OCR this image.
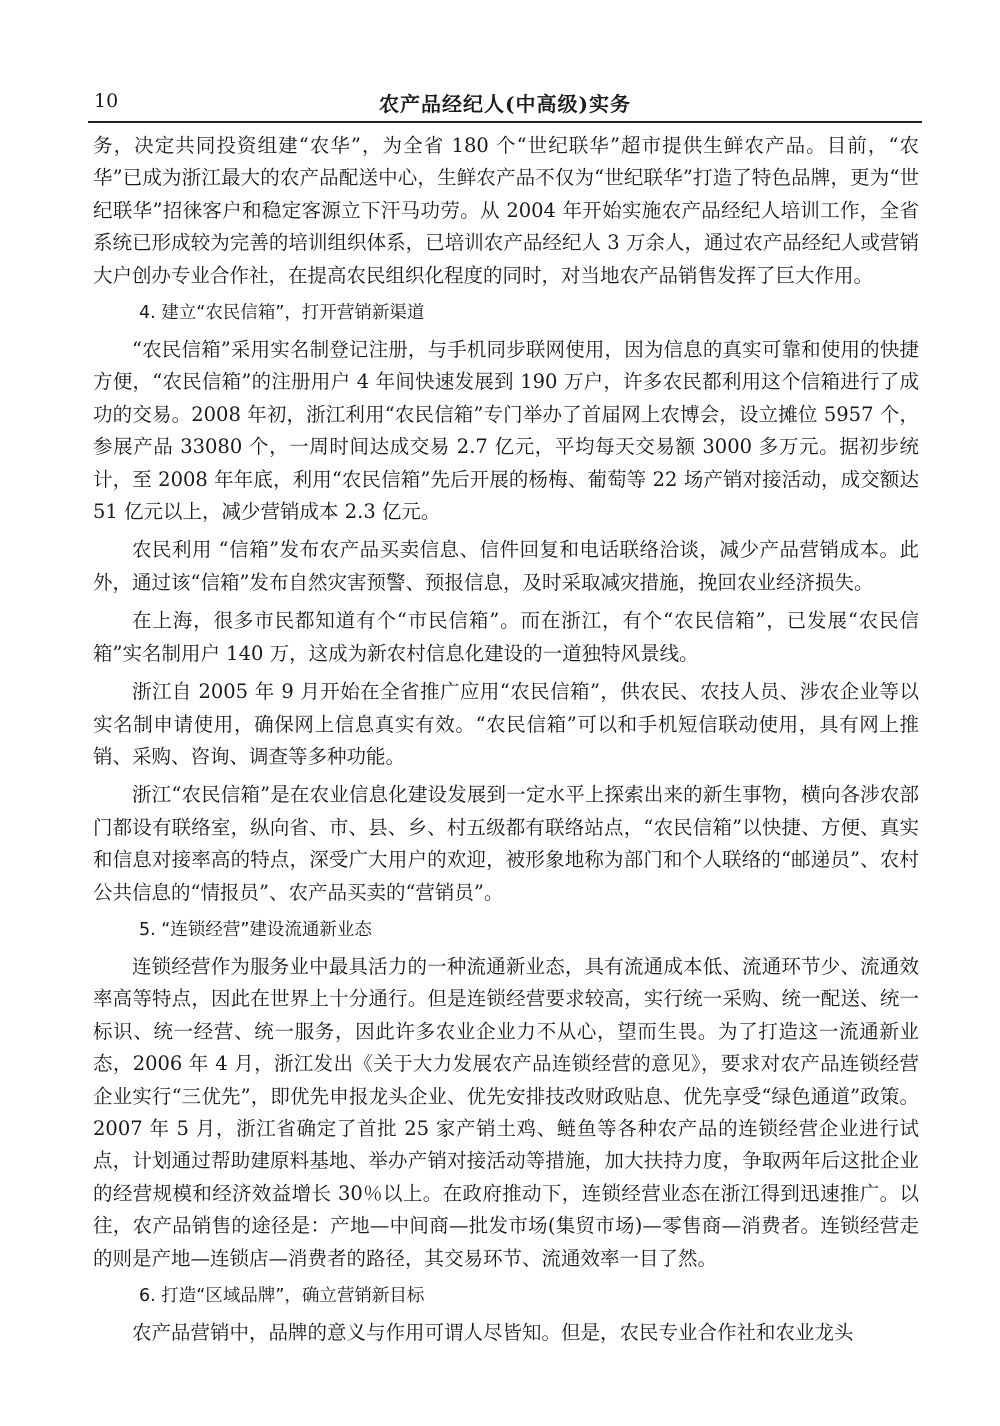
10	农产品经纪人(中高级)实务

务，决定共同投资组建“农华”，为全省 180 个“世纪联华”超市提供生鲜农产品。目前，“农华”已成为浙江最大的农产品配送中心，生鲜农产品不仅为“世纪联华”打造了特色品牌，更为“世纪联华”招徕客户和稳定客源立下汗马功劳。从 2004 年开始实施农产品经纪人培训工作，全省系统已形成较为完善的培训组织体系，已培训农产品经纪人 3 万余人，通过农产品经纪人或营销大户创办专业合作社，在提高农民组织化程度的同时，对当地农产品销售发挥了巨大作用。

4. 建立“农民信箱”，打开营销新渠道

“农民信箱”采用实名制登记注册，与手机同步联网使用，因为信息的真实可靠和使用的快捷方便，“农民信箱”的注册用户 4 年间快速发展到 190 万户，许多农民都利用这个信箱进行了成功的交易。2008 年初，浙江利用“农民信箱”专门举办了首届网上农博会，设立摊位 5957 个，参展产品 33080 个，一周时间达成交易 2.7 亿元，平均每天交易额 3000 多万元。据初步统计，至 2008 年年底，利用“农民信箱”先后开展的杨梅、葡萄等 22 场产销对接活动，成交额达 51 亿元以上，减少营销成本 2.3 亿元。

农民利用 “信箱”发布农产品买卖信息、信件回复和电话联络洽谈，减少产品营销成本。此外，通过该“信箱”发布自然灾害预警、预报信息，及时采取减灾措施，挽回农业经济损失。

在上海，很多市民都知道有个“市民信箱”。而在浙江，有个“农民信箱”，已发展“农民信箱”实名制用户 140 万，这成为新农村信息化建设的一道独特风景线。

浙江自 2005 年 9 月开始在全省推广应用“农民信箱”，供农民、农技人员、涉农企业等以实名制申请使用，确保网上信息真实有效。“农民信箱”可以和手机短信联动使用，具有网上推销、采购、咨询、调查等多种功能。

浙江“农民信箱”是在农业信息化建设发展到一定水平上探索出来的新生事物，横向各涉农部门都设有联络室，纵向省、市、县、乡、村五级都有联络站点，“农民信箱”以快捷、方便、真实和信息对接率高的特点，深受广大用户的欢迎，被形象地称为部门和个人联络的“邮递员”、农村公共信息的“情报员”、农产品买卖的“营销员”。

5. “连锁经营”建设流通新业态

连锁经营作为服务业中最具活力的一种流通新业态，具有流通成本低、流通环节少、流通效率高等特点，因此在世界上十分通行。但是连锁经营要求较高，实行统一采购、统一配送、统一标识、统一经营、统一服务，因此许多农业企业力不从心，望而生畏。为了打造这一流通新业态，2006 年 4 月，浙江发出《关于大力发展农产品连锁经营的意见》，要求对农产品连锁经营企业实行“三优先”，即优先申报龙头企业、优先安排技改财政贴息、优先享受“绿色通道”政策。2007 年 5 月，浙江省确定了首批 25 家产销土鸡、鲢鱼等各种农产品的连锁经营企业进行试点，计划通过帮助建原料基地、举办产销对接活动等措施，加大扶持力度，争取两年后这批企业的经营规模和经济效益增长 30％以上。在政府推动下，连锁经营业态在浙江得到迅速推广。以往，农产品销售的途径是：产地—中间商—批发市场(集贸市场)—零售商—消费者。连锁经营走的则是产地—连锁店—消费者的路径，其交易环节、流通效率一目了然。

6. 打造“区域品牌”，确立营销新目标

农产品营销中，品牌的意义与作用可谓人尽皆知。但是，农民专业合作社和农业龙头
